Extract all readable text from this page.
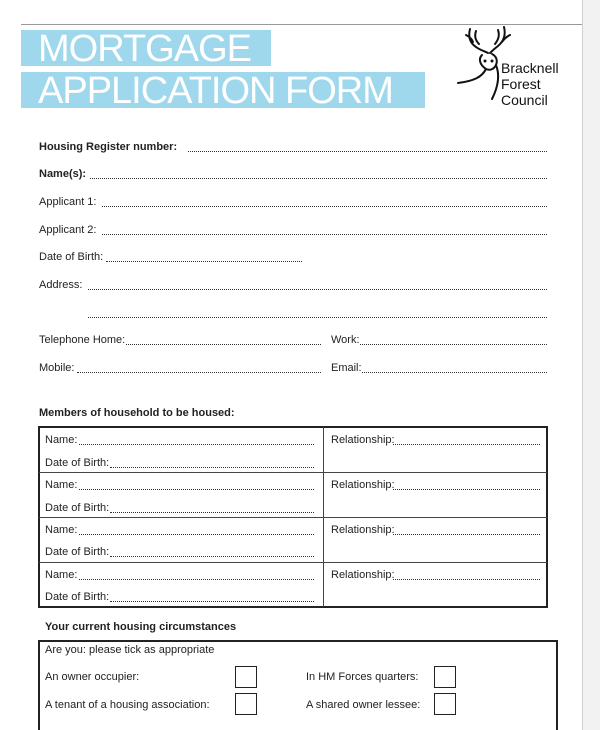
MORTGAGE
APPLICATION FORM
Bracknell
Forest
Council
Housing Register number:
Name(s):
Applicant 1:
Applicant 2:
Date of Birth:
Address:
Telephone Home:	Work:
Mobile:	Email:
Members of household to be housed:
Name:
Date of Birth:
Relationship:
Name:
Date of Birth:
Relationship:
Name:
Date of Birth:
Relationship:
Name:
Date of Birth:
Relationship:
Your current housing circumstances
Are you: please tick as appropriate
An owner occupier:	In HM Forces quarters:
A tenant of a housing association:	A shared owner lessee:
